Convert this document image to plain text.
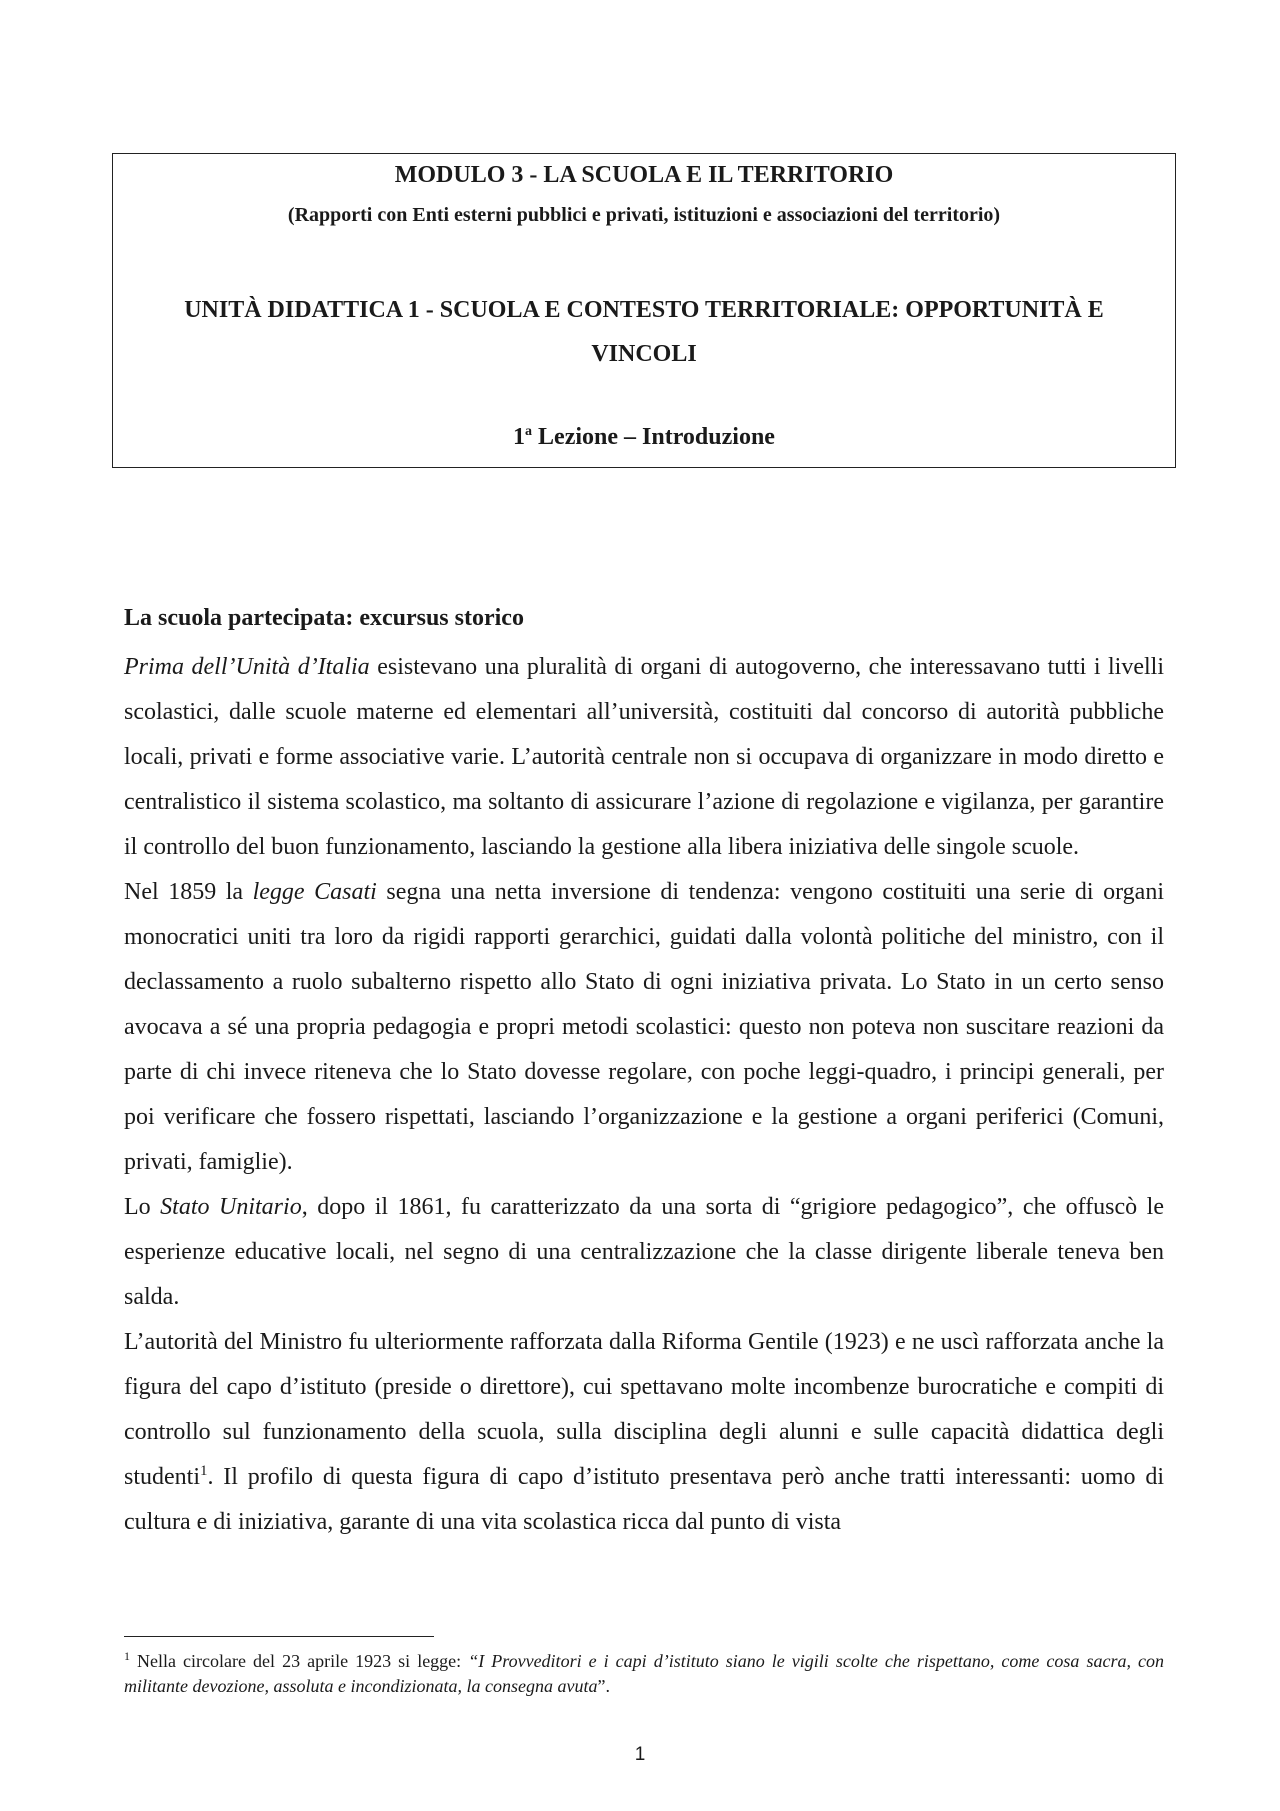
MODULO 3 - LA SCUOLA E IL TERRITORIO
(Rapporti con Enti esterni pubblici e privati, istituzioni e associazioni del territorio)
UNITÀ DIDATTICA 1 - SCUOLA E CONTESTO TERRITORIALE: OPPORTUNITÀ E VINCOLI
1$^a$ Lezione – Introduzione
La scuola partecipata: excursus storico

Prima dell’Unità d’Italia esistevano una pluralità di organi di autogoverno, che interessavano tutti i livelli scolastici, dalle scuole materne ed elementari all’università, costituiti dal concorso di autorità pubbliche locali, privati e forme associative varie. L’autorità centrale non si occupava di organizzare in modo diretto e centralistico il sistema scolastico, ma soltanto di assicurare l’azione di regolazione e vigilanza, per garantire il controllo del buon funzionamento, lasciando la gestione alla libera iniziativa delle singole scuole.

Nel 1859 la legge Casati segna una netta inversione di tendenza: vengono costituiti una serie di organi monocratici uniti tra loro da rigidi rapporti gerarchici, guidati dalla volontà politiche del ministro, con il declassamento a ruolo subalterno rispetto allo Stato di ogni iniziativa privata. Lo Stato in un certo senso avocava a sé una propria pedagogia e propri metodi scolastici: questo non poteva non suscitare reazioni da parte di chi invece riteneva che lo Stato dovesse regolare, con poche leggi-quadro, i principi generali, per poi verificare che fossero rispettati, lasciando l’organizzazione e la gestione a organi periferici (Comuni, privati, famiglie).

Lo Stato Unitario, dopo il 1861, fu caratterizzato da una sorta di “grigiore pedagogico”, che offuscò le esperienze educative locali, nel segno di una centralizzazione che la classe dirigente liberale teneva ben salda.

L’autorità del Ministro fu ulteriormente rafforzata dalla Riforma Gentile (1923) e ne uscì rafforzata anche la figura del capo d’istituto (preside o direttore), cui spettavano molte incombenze burocratiche e compiti di controllo sul funzionamento della scuola, sulla disciplina degli alunni e sulle capacità didattica degli studenti$^1$. Il profilo di questa figura di capo d’istituto presentava però anche tratti interessanti: uomo di cultura e di iniziativa, garante di una vita scolastica ricca dal punto di vista

$^1$ Nella circolare del 23 aprile 1923 si legge: “I Provveditori e i capi d’istituto siano le vigili scolte che rispettano, come cosa sacra, con militante devozione, assoluta e incondizionata, la consegna avuta”.
1
